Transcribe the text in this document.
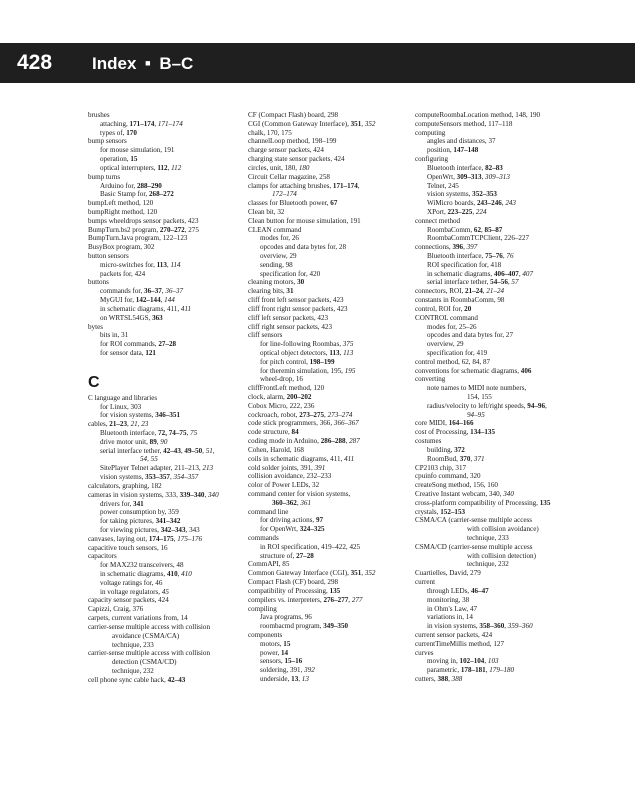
428 Index ■ B–C
brushes
attaching, 171–174, 171–174
types of, 170
bump sensors
for mouse simulation, 191
operation, 15
optical interrupters, 112, 112
bump turns
Arduino for, 288–290
Basic Stamp for, 268–272
bumpLeft method, 120
bumpRight method, 120
bumps wheeldrops sensor packets, 423
BumpTurn.bs2 program, 270–272, 275
BumpTurn.Java program, 122–123
BusyBox program, 302
button sensors
micro-switches for, 113, 114
packets for, 424
buttons
commands for, 36–37, 36–37
MyGUI for, 142–144, 144
in schematic diagrams, 411, 411
on WRTSL54GS, 363
bytes
bits in, 31
for ROI commands, 27–28
for sensor data, 121
C
C language and libraries
for Linux, 303
for vision systems, 346–351
cables, 21–23, 21, 23
Bluetooth interface, 72, 74–75, 75
drive motor unit, 89, 90
serial interface tether, 42–43, 49–50, 51,
54, 55
SitePlayer Telnet adapter, 211–213, 213
vision systems, 353–357, 354–357
calculators, graphing, 182
cameras in vision systems, 333, 339–340, 340
drivers for, 341
power consumption by, 359
for taking pictures, 341–342
for viewing pictures, 342–343, 343
canvases, laying out, 174–175, 175–176
capacitive touch sensors, 16
capacitors
for MAX232 transceivers, 48
in schematic diagrams, 410, 410
voltage ratings for, 46
in voltage regulators, 45
capacity sensor packets, 424
Capizzi, Craig, 376
carpets, current variations from, 14
carrier-sense multiple access with collision
avoidance (CSMA/CA)
technique, 233
carrier-sense multiple access with collision
detection (CSMA/CD)
technique, 232
cell phone sync cable hack, 42–43
CF (Compact Flash) board, 298
CGI (Common Gateway Interface), 351, 352
chalk, 170, 175
channelLoop method, 198–199
charge sensor packets, 424
charging state sensor packets, 424
circles, unit, 180, 180
Circuit Cellar magazine, 258
clamps for attaching brushes, 171–174,
172–174
classes for Bluetooth power, 67
Clean bit, 32
Clean button for mouse simulation, 191
CLEAN command
modes for, 26
opcodes and data bytes for, 28
overview, 29
sending, 98
specification for, 420
cleaning motors, 30
clearing bits, 31
cliff front left sensor packets, 423
cliff front right sensor packets, 423
cliff left sensor packets, 423
cliff right sensor packets, 423
cliff sensors
for line-following Roombas, 375
optical object detectors, 113, 113
for pitch control, 198–199
for theremin simulation, 195, 195
wheel-drop, 16
cliffFrontLeft method, 120
clock, alarm, 200–202
Cobox Micro, 222, 236
cockroach, robot, 273–275, 273–274
code stick programmers, 366, 366–367
code structure, 84
coding mode in Arduino, 286–288, 287
Cohen, Harold, 168
coils in schematic diagrams, 411, 411
cold solder joints, 391, 391
collision avoidance, 232–233
color of Power LEDs, 32
command center for vision systems,
360–362, 361
command line
for driving actions, 97
for OpenWrt, 324–325
commands
in ROI specification, 419–422, 425
structure of, 27–28
CommAPI, 85
Common Gateway Interface (CGI), 351, 352
Compact Flash (CF) board, 298
compatibility of Processing, 135
compilers vs. interpreters, 276–277, 277
compiling
Java programs, 96
roombacmd program, 349–350
components
motors, 15
power, 14
sensors, 15–16
soldering, 391, 392
underside, 13, 13
computeRoombaLocation method, 148, 190
computeSensors method, 117–118
computing
angles and distances, 37
position, 147–148
configuring
Bluetooth interface, 82–83
OpenWrt, 309–313, 309–313
Telnet, 245
vision systems, 352–353
WiMicro boards, 243–246, 243
XPort, 223–225, 224
connect method
RoombaComm, 62, 85–87
RoombaCommTCPClient, 226–227
connections, 396, 397
Bluetooth interface, 75–76, 76
ROI specification for, 418
in schematic diagrams, 406–407, 407
serial interface tether, 54–56, 57
connectors, ROI, 21–24, 21–24
constants in RoombaComm, 98
control, ROI for, 20
CONTROL command
modes for, 25–26
opcodes and data bytes for, 27
overview, 29
specification for, 419
control method, 62, 84, 87
conventions for schematic diagrams, 406
converting
note names to MIDI note numbers,
154, 155
radius/velocity to left/right speeds, 94–96,
94–95
core MIDI, 164–166
cost of Processing, 134–135
costumes
building, 372
RoomBud, 370, 371
CP2103 chip, 317
cpuinfo command, 320
createSong method, 156, 160
Creative Instant webcam, 340, 340
cross-platform compatibility of Processing, 135
crystals, 152–153
CSMA/CA (carrier-sense multiple access
with collision avoidance)
technique, 233
CSMA/CD (carrier-sense multiple access
with collision detection)
technique, 232
Cuartielles, David, 279
current
through LEDs, 46–47
monitoring, 38
in Ohm's Law, 47
variations in, 14
in vision systems, 358–360, 359–360
current sensor packets, 424
currentTimeMillis method, 127
curves
moving in, 102–104, 103
parametric, 178–181, 179–180
cutters, 388, 388
